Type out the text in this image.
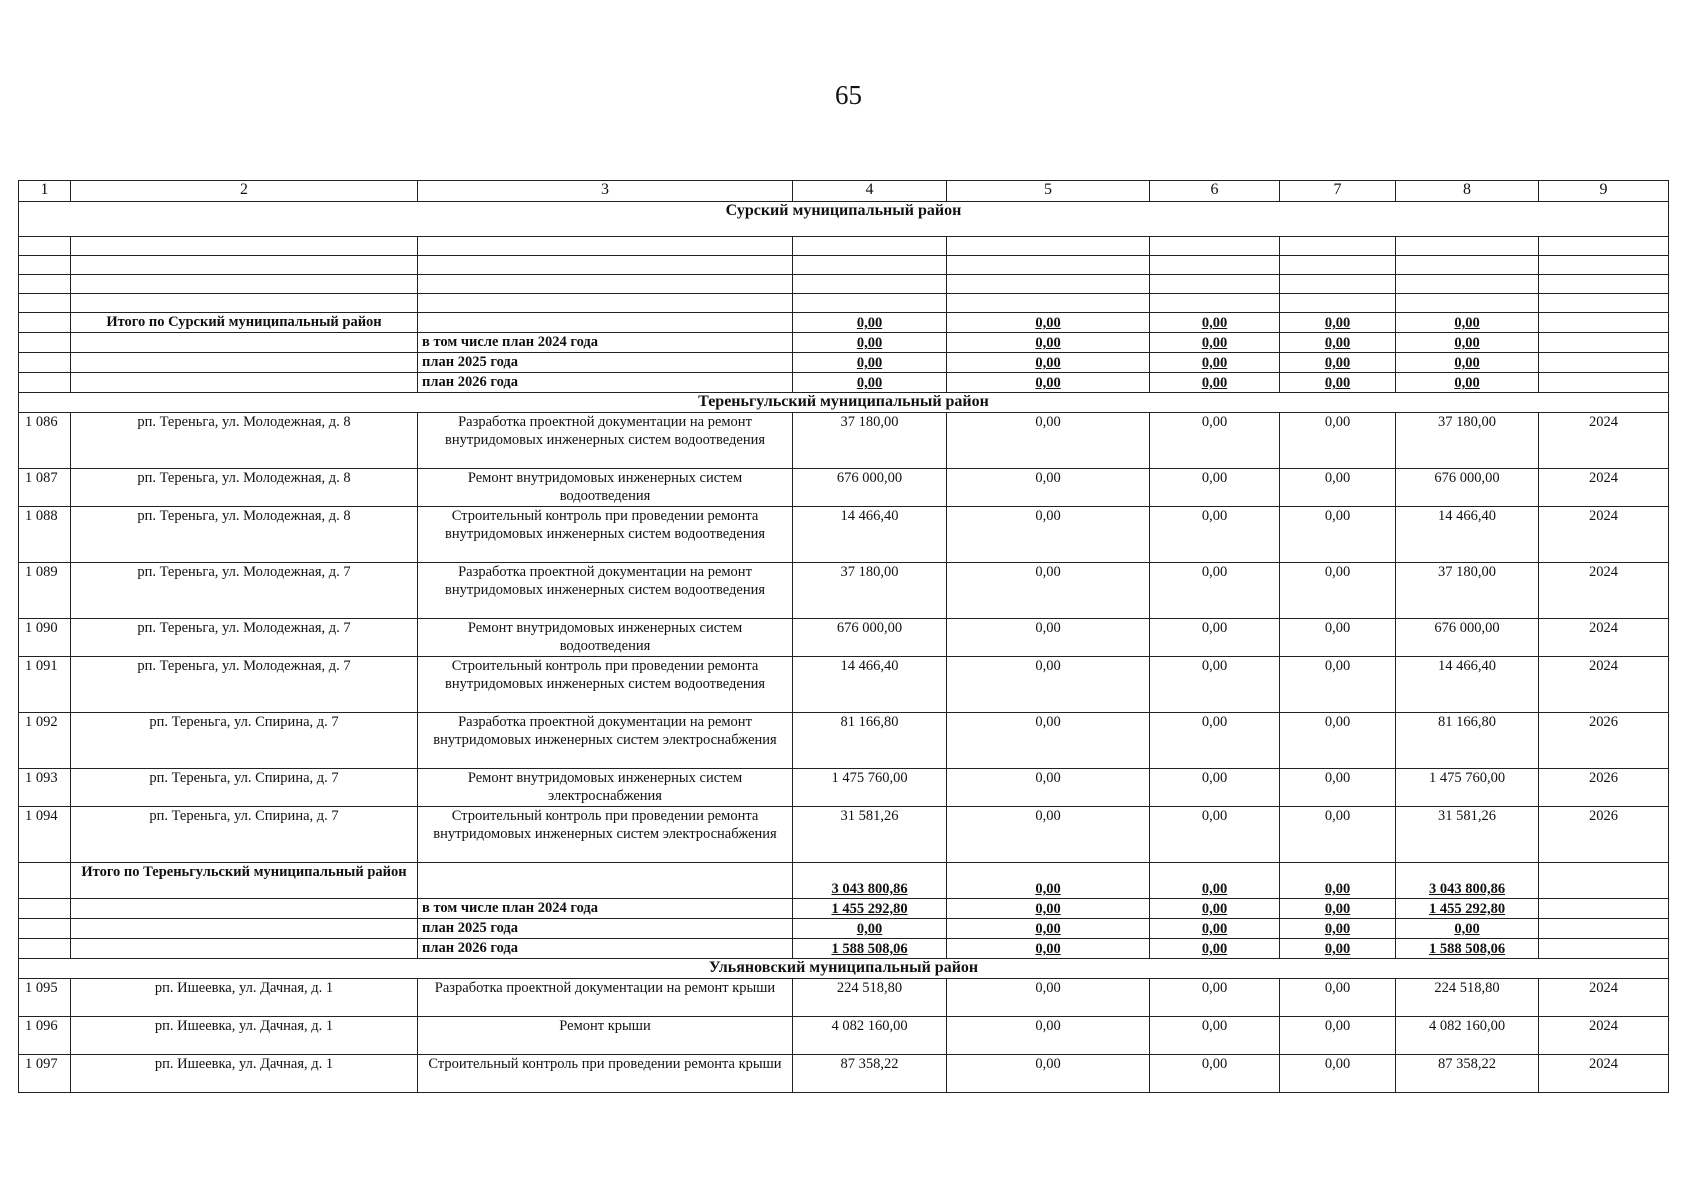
65
1	2	3	4	5	6	7	8	9
Сурский муниципальный район								

	Итого по Сурский муниципальный район		0,00	0,00	0,00	0,00	0,00	
		в том числе план 2024 года	0,00	0,00	0,00	0,00	0,00	
		план 2025 года	0,00	0,00	0,00	0,00	0,00	
		план 2026 года	0,00	0,00	0,00	0,00	0,00	
Тереньгульский муниципальный район								
1 086	рп. Тереньга, ул. Молодежная, д. 8	Разработка проектной документации на ремонт внутридомовых инженерных систем водоотведения	37 180,00	0,00	0,00	0,00	37 180,00	2024
1 087	рп. Тереньга, ул. Молодежная, д. 8	Ремонт внутридомовых инженерных систем водоотведения	676 000,00	0,00	0,00	0,00	676 000,00	2024
1 088	рп. Тереньга, ул. Молодежная, д. 8	Строительный контроль при проведении ремонта внутридомовых инженерных систем водоотведения	14 466,40	0,00	0,00	0,00	14 466,40	2024
1 089	рп. Тереньга, ул. Молодежная, д. 7	Разработка проектной документации на ремонт внутридомовых инженерных систем водоотведения	37 180,00	0,00	0,00	0,00	37 180,00	2024
1 090	рп. Тереньга, ул. Молодежная, д. 7	Ремонт внутридомовых инженерных систем водоотведения	676 000,00	0,00	0,00	0,00	676 000,00	2024
1 091	рп. Тереньга, ул. Молодежная, д. 7	Строительный контроль при проведении ремонта внутридомовых инженерных систем водоотведения	14 466,40	0,00	0,00	0,00	14 466,40	2024
1 092	рп. Тереньга, ул. Спирина, д. 7	Разработка проектной документации на ремонт внутридомовых инженерных систем электроснабжения	81 166,80	0,00	0,00	0,00	81 166,80	2026
1 093	рп. Тереньга, ул. Спирина, д. 7	Ремонт внутридомовых инженерных систем электроснабжения	1 475 760,00	0,00	0,00	0,00	1 475 760,00	2026
1 094	рп. Тереньга, ул. Спирина, д. 7	Строительный контроль при проведении ремонта внутридомовых инженерных систем электроснабжения	31 581,26	0,00	0,00	0,00	31 581,26	2026
	Итого по Тереньгульский муниципальный район		3 043 800,86	0,00	0,00	0,00	3 043 800,86	
		в том числе план 2024 года	1 455 292,80	0,00	0,00	0,00	1 455 292,80	
		план 2025 года	0,00	0,00	0,00	0,00	0,00	
		план 2026 года	1 588 508,06	0,00	0,00	0,00	1 588 508,06	
Ульяновский муниципальный район								
1 095	рп. Ишеевка, ул. Дачная, д. 1	Разработка проектной документации на ремонт крыши	224 518,80	0,00	0,00	0,00	224 518,80	2024
1 096	рп. Ишеевка, ул. Дачная, д. 1	Ремонт крыши	4 082 160,00	0,00	0,00	0,00	4 082 160,00	2024
1 097	рп. Ишеевка, ул. Дачная, д. 1	Строительный контроль при проведении ремонта крыши	87 358,22	0,00	0,00	0,00	87 358,22	2024
